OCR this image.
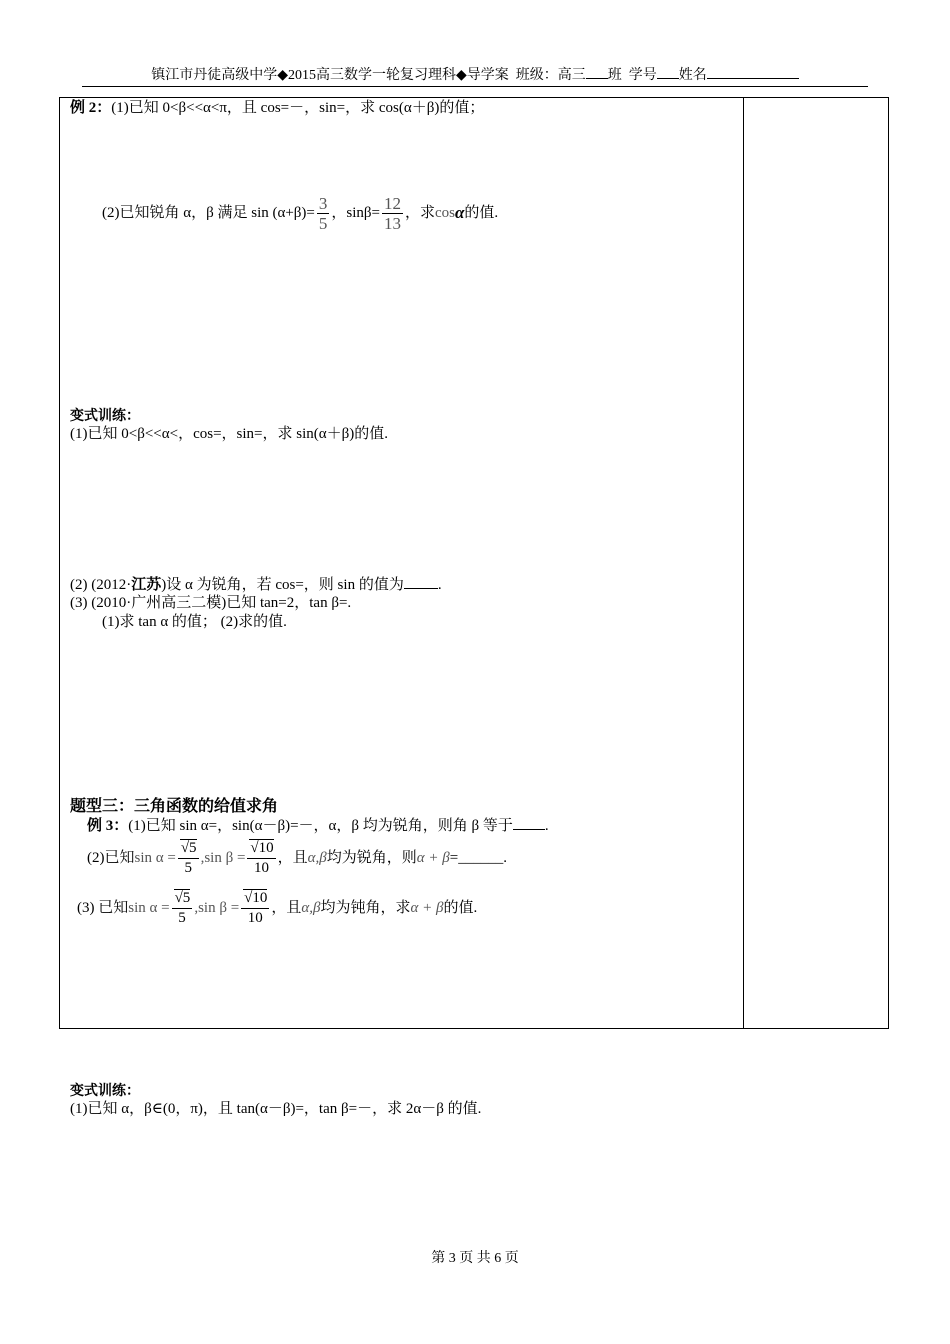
镇江市丹徒高级中学◆2015高三数学一轮复习理科◆导学案 班级：高三 班 学号 姓名
例 2：(1)已知 0<β<<α<π，且 cos=－，sin=，求 cos(α＋β)的值；
(2)已知锐角 α，β 满足 $\sin (\alpha+\beta)= \frac{3}{5}$ ，$\sin\beta= \frac{12}{13}$ ，求 cos α 的值.
变式训练：
(1)已知 0<β<<α<，cos=，sin=，求 sin(α＋β)的值.
(2) (2012·江苏)设 α 为锐角，若 cos=，则 sin 的值为 .
(3) (2010·广州高三二模)已知 tan=2，tan β=.
(1)求 tan α 的值； (2)求的值.
题型三：三角函数的给值求角
例 3：(1)已知 sin α=，sin(α－β)=－，α，β 均为锐角，则角 β 等于 .
(2)已知 $\sin \alpha = \frac{√5}{5} ,\sin$ $\beta = \frac{√10}{10}$ ，且 α,β 均为锐角，则 α + β =______.
(3) 已知 $\sin \alpha = \frac{√5}{5} ,\sin$ $\beta = \frac{√10}{10}$ ，且 α,β 均为钝角，求 α + β 的值.
变式训练：
(1)已知 α，β∈(0，π)，且 tan(α－β)=，tan β=－，求 2α－β 的值.
第 3 页 共 6 页
